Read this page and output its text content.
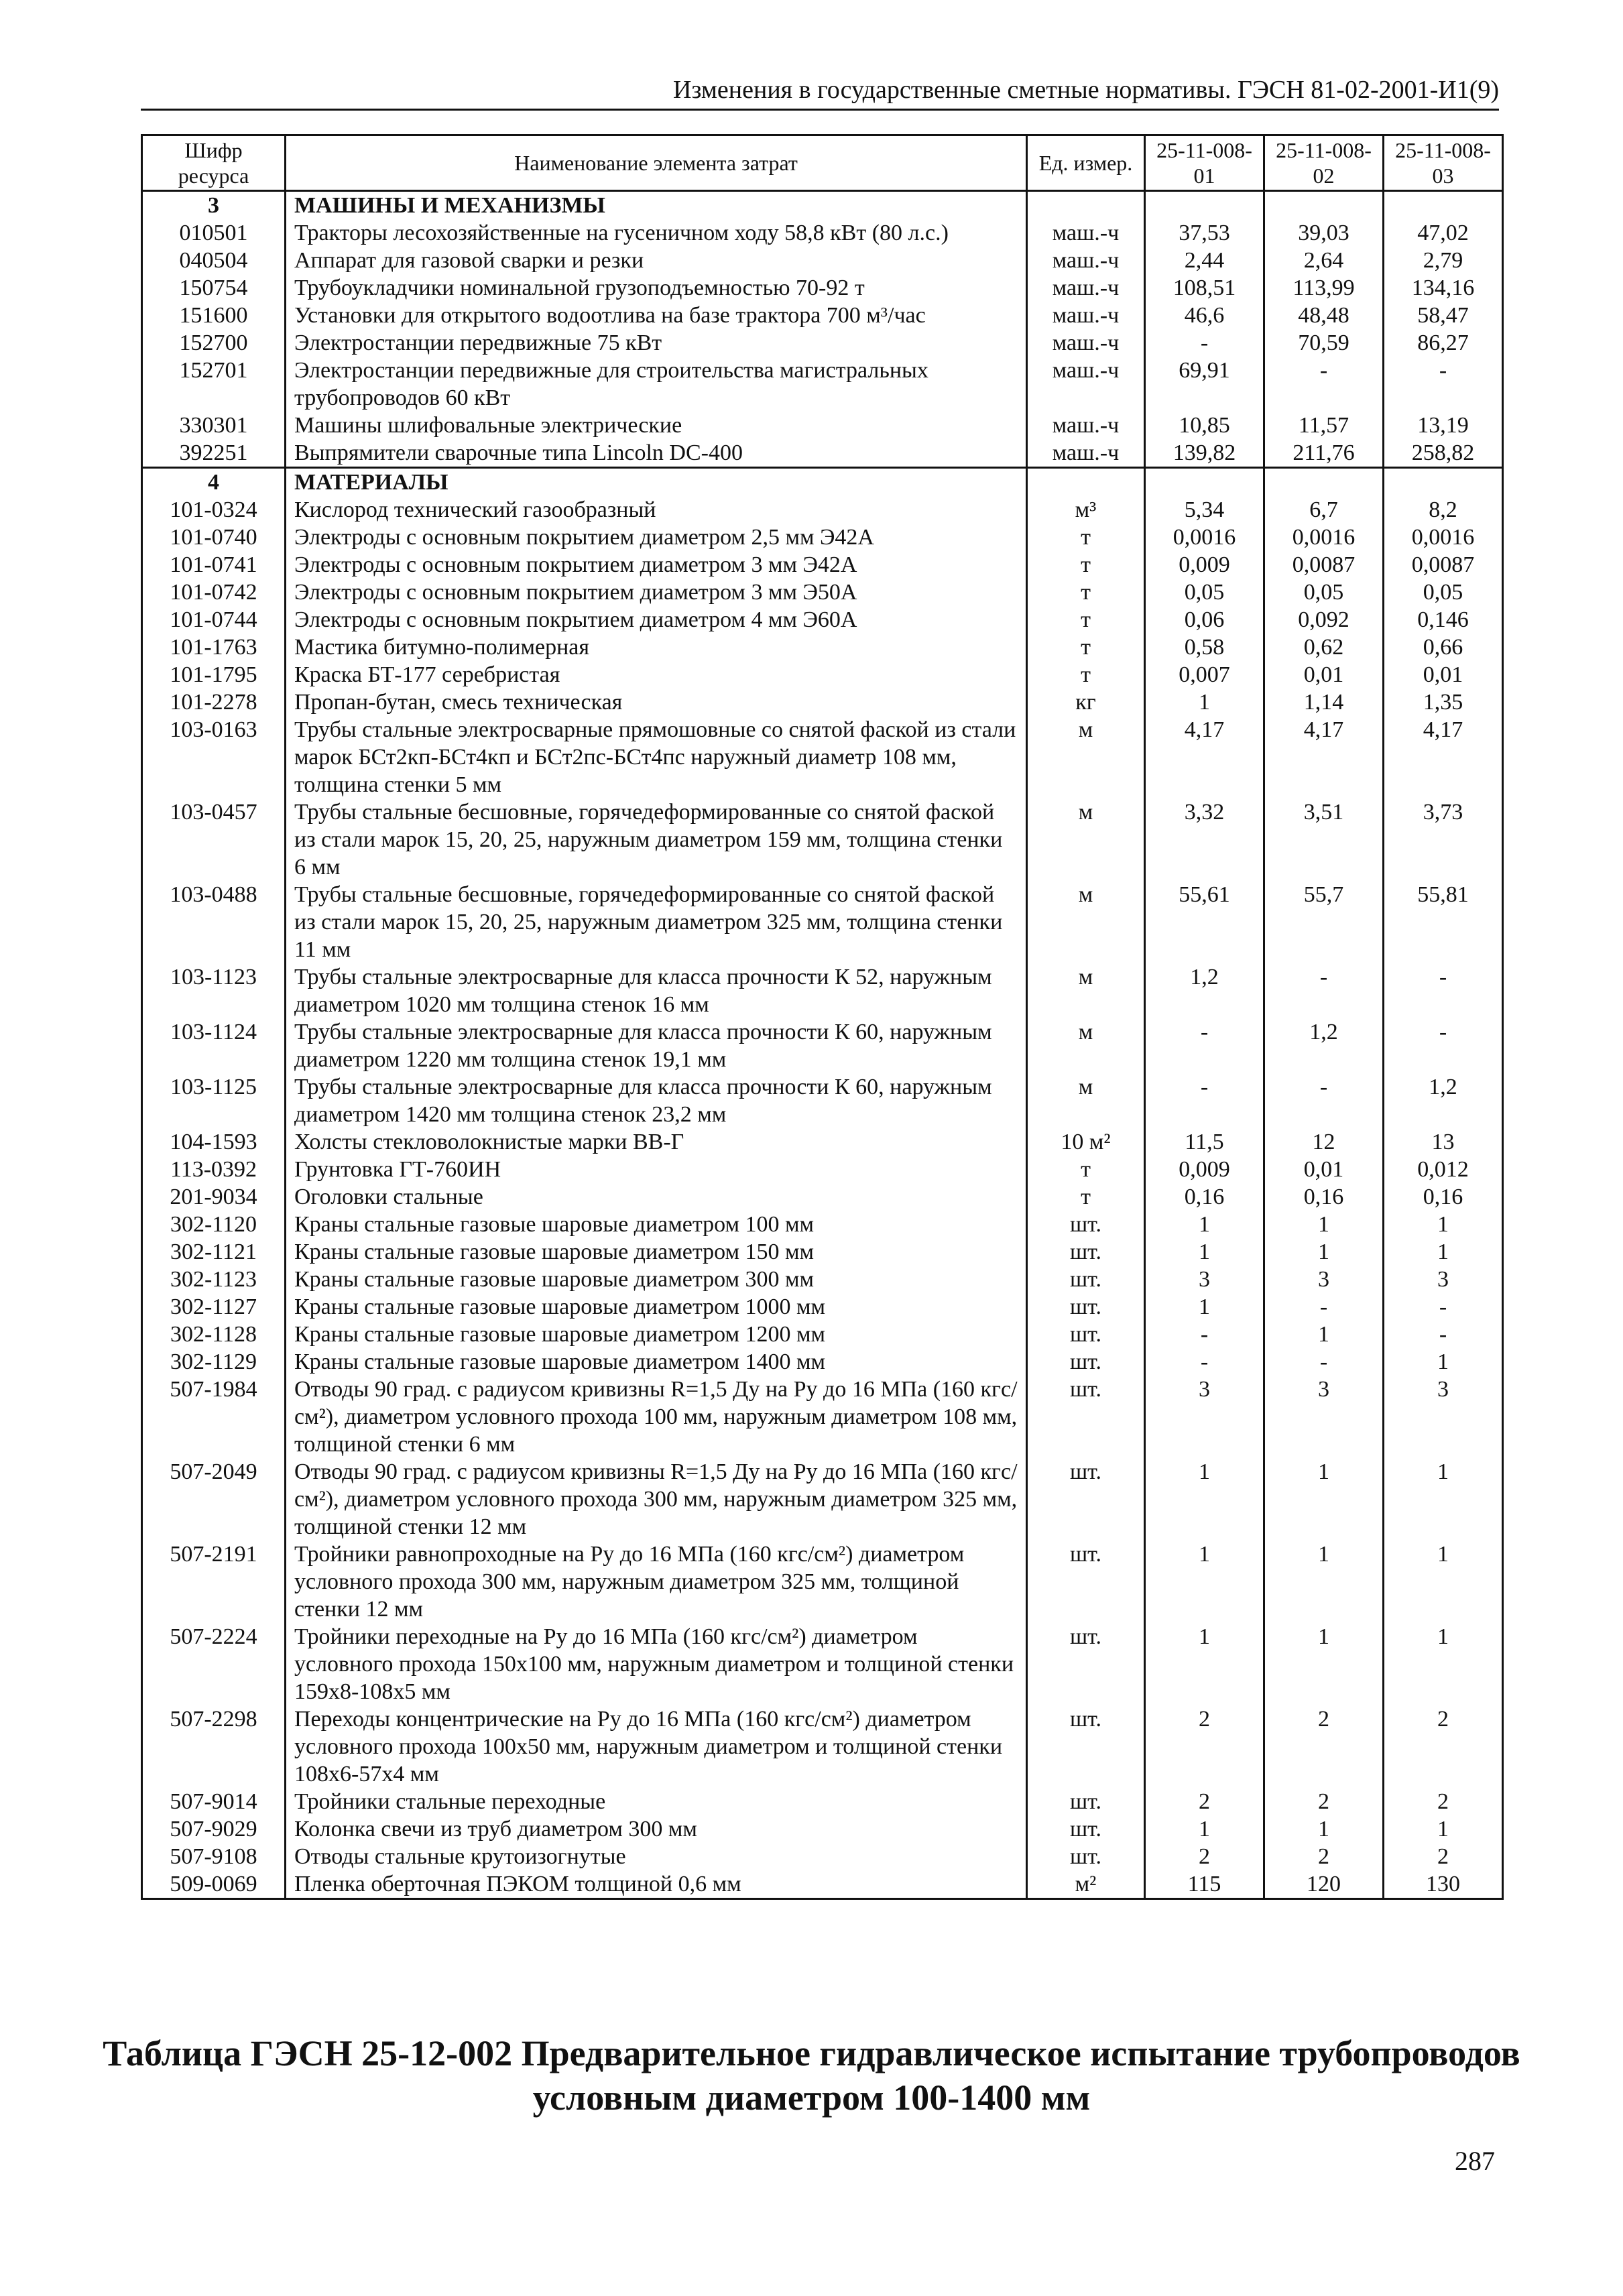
Изменения в государственные сметные нормативы. ГЭСН 81-02-2001-И1(9)
Шифр ресурса	Наименование элемента затрат	Ед. измер.	25-11-008-01	25-11-008-02	25-11-008-03
3	МАШИНЫ И МЕХАНИЗМЫ				
010501	Тракторы лесохозяйственные на гусеничном ходу 58,8 кВт (80 л.с.)	маш.-ч	37,53	39,03	47,02
040504	Аппарат для газовой сварки и резки	маш.-ч	2,44	2,64	2,79
150754	Трубоукладчики номинальной грузоподъемностью 70-92 т	маш.-ч	108,51	113,99	134,16
151600	Установки для открытого водоотлива на базе трактора 700 м³/час	маш.-ч	46,6	48,48	58,47
152700	Электростанции передвижные 75 кВт	маш.-ч	-	70,59	86,27
152701	Электростанции передвижные для строительства магистральных трубопроводов 60 кВт	маш.-ч	69,91	-	-
330301	Машины шлифовальные электрические	маш.-ч	10,85	11,57	13,19
392251	Выпрямители сварочные типа Lincoln DC-400	маш.-ч	139,82	211,76	258,82
4	МАТЕРИАЛЫ				
101-0324	Кислород технический газообразный	м³	5,34	6,7	8,2
101-0740	Электроды с основным покрытием диаметром 2,5 мм Э42А	т	0,0016	0,0016	0,0016
101-0741	Электроды с основным покрытием диаметром 3 мм Э42А	т	0,009	0,0087	0,0087
101-0742	Электроды с основным покрытием диаметром 3 мм Э50А	т	0,05	0,05	0,05
101-0744	Электроды с основным покрытием диаметром 4 мм Э60А	т	0,06	0,092	0,146
101-1763	Мастика битумно-полимерная	т	0,58	0,62	0,66
101-1795	Краска БТ-177 серебристая	т	0,007	0,01	0,01
101-2278	Пропан-бутан, смесь техническая	кг	1	1,14	1,35
103-0163	Трубы стальные электросварные прямошовные со снятой фаской из стали марок БСт2кп-БСт4кп и БСт2пс-БСт4пс наружный диаметр 108 мм, толщина стенки 5 мм	м	4,17	4,17	4,17
103-0457	Трубы стальные бесшовные, горячедеформированные со снятой фаской из стали марок 15, 20, 25, наружным диаметром 159 мм, толщина стенки 6 мм	м	3,32	3,51	3,73
103-0488	Трубы стальные бесшовные, горячедеформированные со снятой фаской из стали марок 15, 20, 25, наружным диаметром 325 мм, толщина стенки 11 мм	м	55,61	55,7	55,81
103-1123	Трубы стальные электросварные для класса прочности К 52, наружным диаметром 1020 мм толщина стенок 16 мм	м	1,2	-	-
103-1124	Трубы стальные электросварные для класса прочности К 60, наружным диаметром 1220 мм толщина стенок 19,1 мм	м	-	1,2	-
103-1125	Трубы стальные электросварные для класса прочности К 60, наружным диаметром 1420 мм толщина стенок 23,2 мм	м	-	-	1,2
104-1593	Холсты стекловолокнистые марки ВВ-Г	10 м²	11,5	12	13
113-0392	Грунтовка ГТ-760ИН	т	0,009	0,01	0,012
201-9034	Оголовки стальные	т	0,16	0,16	0,16
302-1120	Краны стальные газовые шаровые диаметром 100 мм	шт.	1	1	1
302-1121	Краны стальные газовые шаровые диаметром 150 мм	шт.	1	1	1
302-1123	Краны стальные газовые шаровые диаметром 300 мм	шт.	3	3	3
302-1127	Краны стальные газовые шаровые диаметром 1000 мм	шт.	1	-	-
302-1128	Краны стальные газовые шаровые диаметром 1200 мм	шт.	-	1	-
302-1129	Краны стальные газовые шаровые диаметром 1400 мм	шт.	-	-	1
507-1984	Отводы 90 град. с радиусом кривизны R=1,5 Ду на Ру до 16 МПа (160 кгс/см²), диаметром условного прохода 100 мм, наружным диаметром 108 мм, толщиной стенки 6 мм	шт.	3	3	3
507-2049	Отводы 90 град. с радиусом кривизны R=1,5 Ду на Ру до 16 МПа (160 кгс/см²), диаметром условного прохода 300 мм, наружным диаметром 325 мм, толщиной стенки 12 мм	шт.	1	1	1
507-2191	Тройники равнопроходные на Ру до 16 МПа (160 кгс/см²) диаметром условного прохода 300 мм, наружным диаметром 325 мм, толщиной стенки 12 мм	шт.	1	1	1
507-2224	Тройники переходные на Ру до 16 МПа (160 кгс/см²) диаметром условного прохода 150x100 мм, наружным диаметром и толщиной стенки 159x8-108x5 мм	шт.	1	1	1
507-2298	Переходы концентрические на Ру до 16 МПа (160 кгс/см²) диаметром условного прохода 100x50 мм, наружным диаметром и толщиной стенки 108x6-57x4 мм	шт.	2	2	2
507-9014	Тройники стальные переходные	шт.	2	2	2
507-9029	Колонка свечи из труб диаметром 300 мм	шт.	1	1	1
507-9108	Отводы стальные крутоизогнутые	шт.	2	2	2
509-0069	Пленка обертoчная ПЭКОМ толщиной 0,6 мм	м²	115	120	130
Таблица ГЭСН 25-12-002 Предварительное гидравлическое испытание трубопроводов
условным диаметром 100-1400 мм
287
